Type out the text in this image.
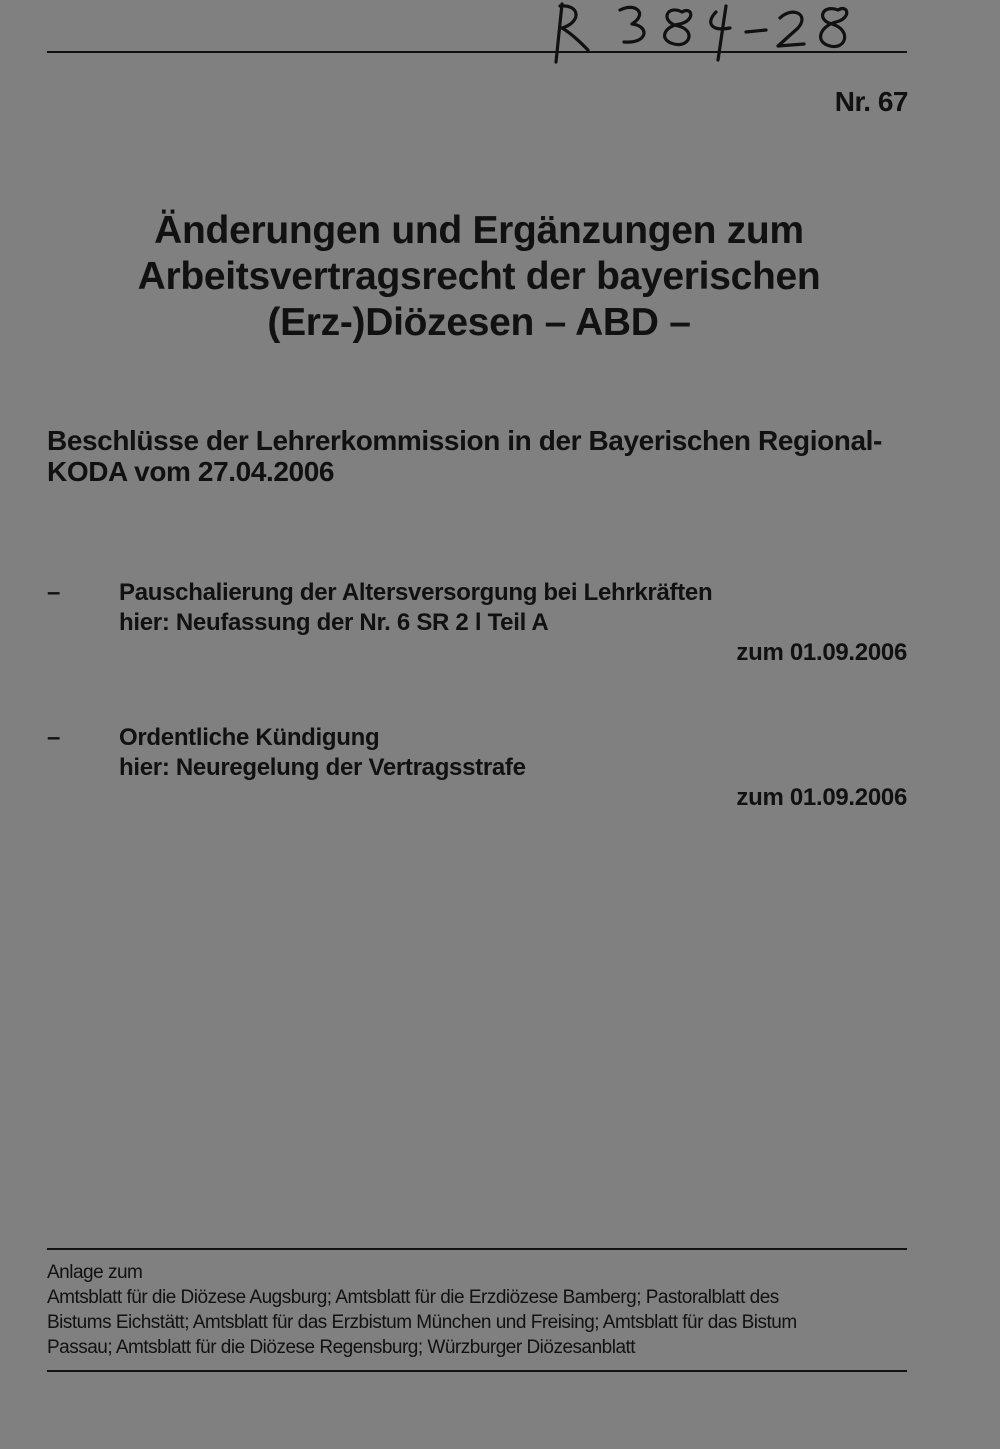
Nr. 67
Änderungen und Ergänzungen zum
Arbeitsvertragsrecht der bayerischen
(Erz-)Diözesen – ABD –
Beschlüsse der Lehrerkommission in der Bayerischen Regional-
KODA vom 27.04.2006
– Pauschalierung der Altersversorgung bei Lehrkräften
hier: Neufassung der Nr. 6 SR 2 l Teil A
zum 01.09.2006
– Ordentliche Kündigung
hier: Neuregelung der Vertragsstrafe
zum 01.09.2006
Anlage zum
Amtsblatt für die Diözese Augsburg; Amtsblatt für die Erzdiözese Bamberg; Pastoralblatt des
Bistums Eichstätt; Amtsblatt für das Erzbistum München und Freising; Amtsblatt für das Bistum
Passau; Amtsblatt für die Diözese Regensburg; Würzburger Diözesanblatt
